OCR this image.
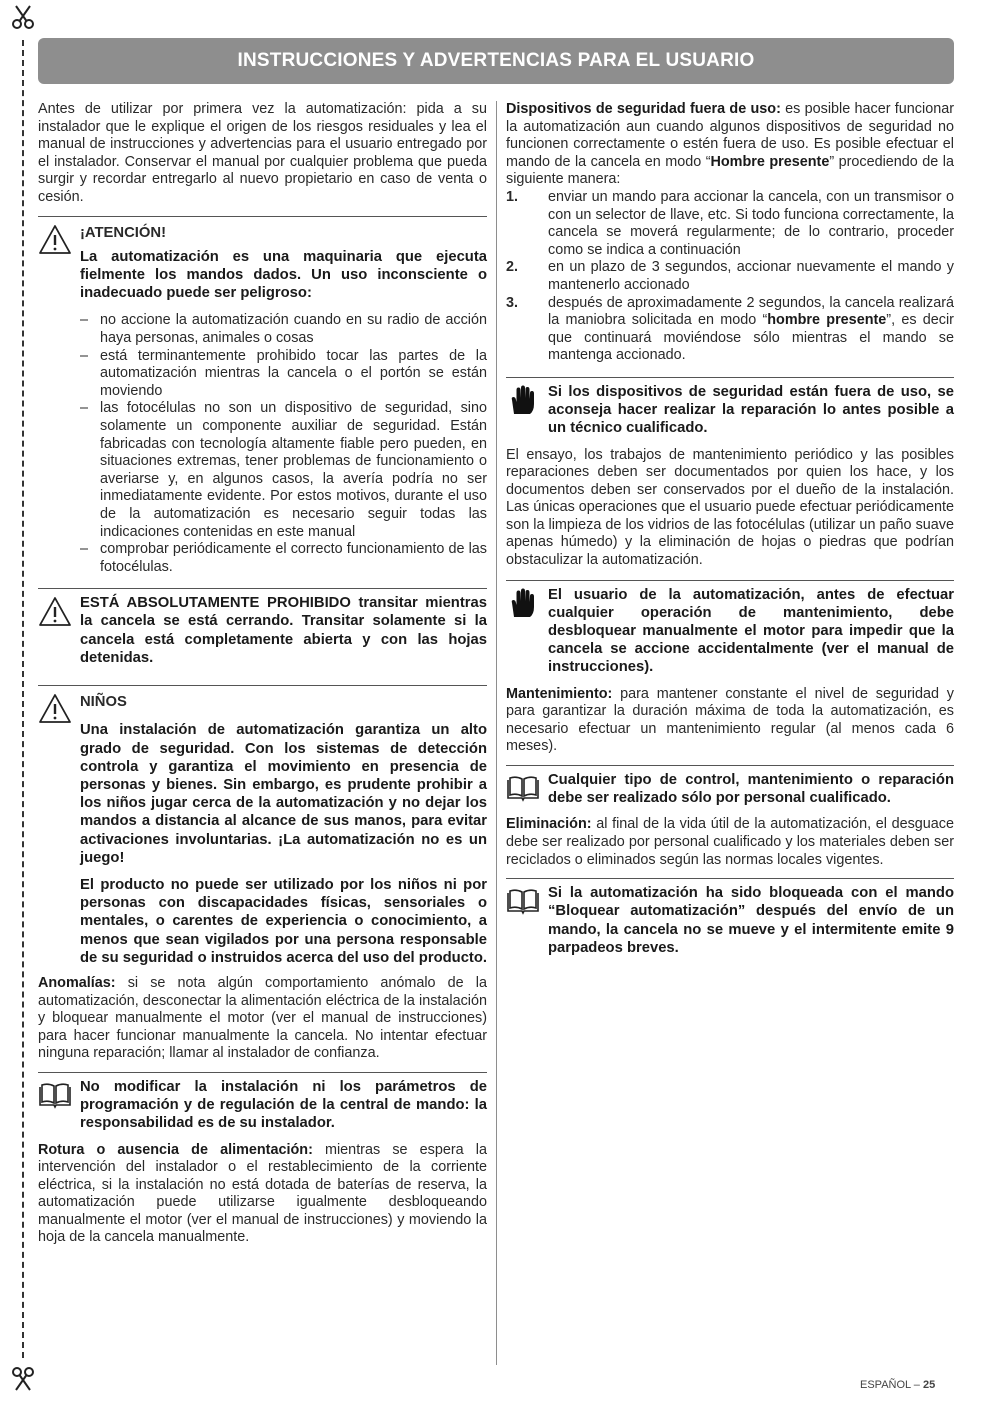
INSTRUCCIONES Y ADVERTENCIAS PARA EL USUARIO

Antes de utilizar por primera vez la automatización: pida a su instalador que le explique el origen de los riesgos residuales y lea el manual de instrucciones y advertencias para el usuario entregado por el instalador. Conservar el manual por cualquier problema que pueda surgir y recordar entregarlo al nuevo propietario en caso de venta o cesión.

¡ATENCIÓN!

La automatización es una maquinaria que ejecuta fielmente los mandos dados. Un uso inconsciente o inadecuado puede ser peligroso:

– no accione la automatización cuando en su radio de acción haya personas, animales o cosas
– está terminantemente prohibido tocar las partes de la automatización mientras la cancela o el portón se están moviendo
– las fotocélulas no son un dispositivo de seguridad, sino solamente un componente auxiliar de seguridad. Están fabricadas con tecnología altamente fiable pero pueden, en situaciones extremas, tener problemas de funcionamiento o averiarse y, en algunos casos, la avería podría no ser inmediatamente evidente. Por estos motivos, durante el uso de la automatización es necesario seguir todas las indicaciones contenidas en este manual
– comprobar periódicamente el correcto funcionamiento de las fotocélulas.

ESTÁ ABSOLUTAMENTE PROHIBIDO transitar mientras la cancela se está cerrando. Transitar solamente si la cancela está completamente abierta y con las hojas detenidas.

NIÑOS

Una instalación de automatización garantiza un alto grado de seguridad. Con los sistemas de detección controla y garantiza el movimiento en presencia de personas y bienes. Sin embargo, es prudente prohibir a los niños jugar cerca de la automatización y no dejar los mandos a distancia al alcance de sus manos, para evitar activaciones involuntarias. ¡La automatización no es un juego!

El producto no puede ser utilizado por los niños ni por personas con discapacidades físicas, sensoriales o mentales, o carentes de experiencia o conocimiento, a menos que sean vigilados por una persona responsable de su seguridad o instruidos acerca del uso del producto.

Anomalías: si se nota algún comportamiento anómalo de la automatización, desconectar la alimentación eléctrica de la instalación y bloquear manualmente el motor (ver el manual de instrucciones) para hacer funcionar manualmente la cancela. No intentar efectuar ninguna reparación; llamar al instalador de confianza.

No modificar la instalación ni los parámetros de programación y de regulación de la central de mando: la responsabilidad es de su instalador.

Rotura o ausencia de alimentación: mientras se espera la intervención del instalador o el restablecimiento de la corriente eléctrica, si la instalación no está dotada de baterías de reserva, la automatización puede utilizarse igualmente desbloqueando manualmente el motor (ver el manual de instrucciones) y moviendo la hoja de la cancela manualmente.

Dispositivos de seguridad fuera de uso: es posible hacer funcionar la automatización aun cuando algunos dispositivos de seguridad no funcionen correctamente o estén fuera de uso. Es posible efectuar el mando de la cancela en modo “Hombre presente” procediendo de la siguiente manera:

1. enviar un mando para accionar la cancela, con un transmisor o con un selector de llave, etc. Si todo funciona correctamente, la cancela se moverá regularmente; de lo contrario, proceder como se indica a continuación
2. en un plazo de 3 segundos, accionar nuevamente el mando y mantenerlo accionado
3. después de aproximadamente 2 segundos, la cancela realizará la maniobra solicitada en modo “hombre presente”, es decir que continuará moviéndose sólo mientras el mando se mantenga accionado.

Si los dispositivos de seguridad están fuera de uso, se aconseja hacer realizar la reparación lo antes posible a un técnico cualificado.

El ensayo, los trabajos de mantenimiento periódico y las posibles reparaciones deben ser documentados por quien los hace, y los documentos deben ser conservados por el dueño de la instalación. Las únicas operaciones que el usuario puede efectuar periódicamente son la limpieza de los vidrios de las fotocélulas (utilizar un paño suave apenas húmedo) y la eliminación de hojas o piedras que podrían obstaculizar la automatización.

El usuario de la automatización, antes de efectuar cualquier operación de mantenimiento, debe desbloquear manualmente el motor para impedir que la cancela se accione accidentalmente (ver el manual de instrucciones).

Mantenimiento: para mantener constante el nivel de seguridad y para garantizar la duración máxima de toda la automatización, es necesario efectuar un mantenimiento regular (al menos cada 6 meses).

Cualquier tipo de control, mantenimiento o reparación debe ser realizado sólo por personal cualificado.

Eliminación: al final de la vida útil de la automatización, el desguace debe ser realizado por personal cualificado y los materiales deben ser reciclados o eliminados según las normas locales vigentes.

Si la automatización ha sido bloqueada con el mando “Bloquear automatización” después del envío de un mando, la cancela no se mueve y el intermitente emite 9 parpadeos breves.

ESPAÑOL – 25
